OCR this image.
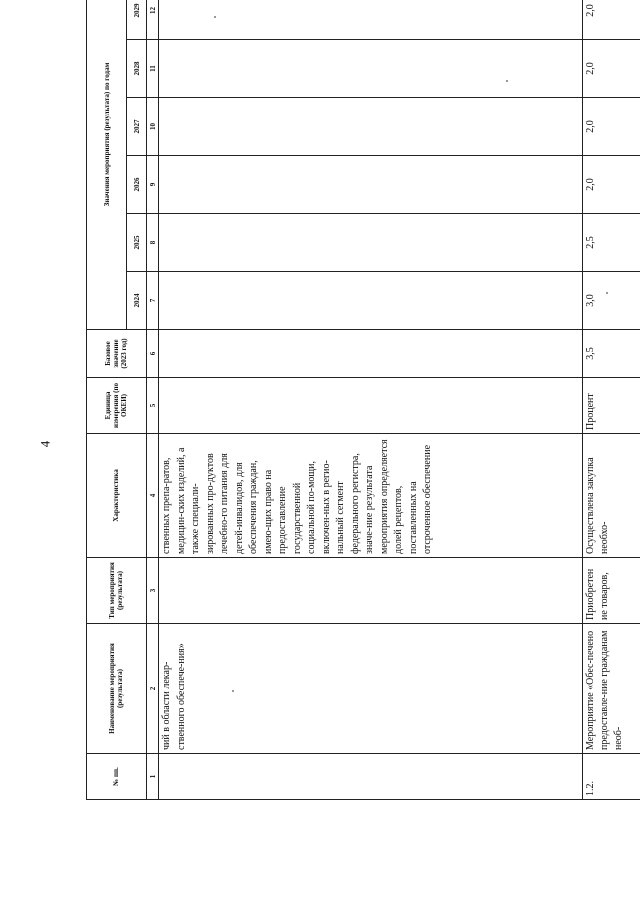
4
№ пп.	Наименование мероприятия (результата)	Тип мероприятия (результата)	Характеристика	Единица измерения (по ОКЕИ)	Базовое значение (2023 год)	Значения мероприятия (результата) по годам						
						2024	2025	2026	2027	2028	2029	
1	2	3	4	5	6	7	8	9	10	11	12	
	чий в области лекар-ственного обеспече-ния»		ственных препа-ратов, медицин-ских изделий, а также специали-зированных про-дуктов лечебно-го питания для детей-инвалидов, для обеспечения граждан, имею-щих право на предоставление государственной социальной по-мощи, включен-ных в регио-нальный сегмент федерального регистра, значе-ние результата мероприятия определяется долей рецептов, поставленных на отсроченное обеспечение									
1.2.	Мероприятие «Обес-печено предоставле-ние гражданам необ-	Приобретен ие товаров,	Осуществлена закупка необхо-	Процент	3,5	3,0	2,5	2,0	2,0	2,0	2,0	
